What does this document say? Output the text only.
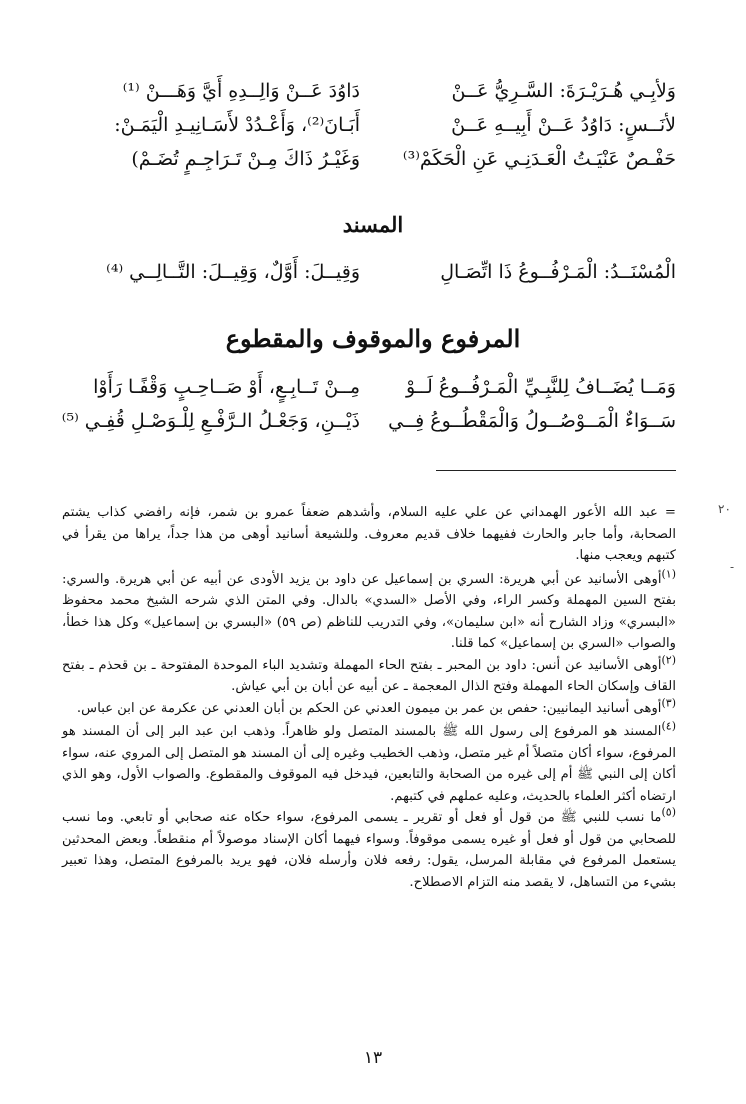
وَلأبِـي هُـرَيْـرَةَ: السَّـرِيُّ عَــنْ
دَاوُدَ عَــنْ وَالِــدِهِ أَيَّ وَهَـــنْ ⁽¹⁾
لأنَــسٍ: دَاوُدُ عَــنْ أَبِيــهِ عَــنْ
أَبَـانَ⁽²⁾، وَأَعْـدُدْ لأَسَـانِيـدِ الْيَمَـنْ:
حَفْـصٌ عَنْيَـتُ الْعَـدَنِـي عَنِ الْحَكَمْ⁽³⁾
وَغَيْـرُ ذَاكَ مِـنْ تَـرَاجِـمٍ تُضَـمْ)
المسند
الْمُسْنَــدُ: الْمَـرْفُــوعُ ذَا اتِّصَـالِ
وَقِيــلَ: أَوَّلٌ، وَقِيــلَ: التَّــالِــي ⁽⁴⁾
المرفوع والموقوف والمقطوع
وَمَــا يُضَــافُ لِلنَّبِـيِّ الْمَـرْفُــوعُ لَــوْ
مِــنْ تَــابِـعٍ، أَوْ صَــاحِـبٍ وَقْفًـا رَأَوْا
سَــوَاءٌ الْمَــوْصُــولُ وَالْمَقْطُــوعُ فِــي
ذَيْــنِ، وَجَعْـلُ الـرَّفْـعِ لِلْـوَصْـلِ قُفِـي ⁽⁵⁾

= عبد الله الأعور الهمداني عن علي عليه السلام، وأشدهم ضعفاً عمرو بن شمر، فإنه رافضي كذاب يشتم الصحابة، وأما جابر والحارث ففيهما خلاف قديم معروف. وللشيعة أسانيد أوهى من هذا جداً، يراها من يقرأ في كتبهم ويعجب منها.

$^{(١)}$أوهى الأسانيد عن أبي هريرة: السري بن إسماعيل عن داود بن يزيد الأودى عن أبيه عن أبي هريرة. والسري: بفتح السين المهملة وكسر الراء، وفي الأصل «السدي» بالدال. وفي المتن الذي شرحه الشيخ محمد محفوظ «البسري» وزاد الشارح أنه «ابن سليمان»، وفي التدريب للناظم (ص ٥٩) «البسري بن إسماعيل» وكل هذا خطأ، والصواب «السري بن إسماعيل» كما قلنا.

$^{(٢)}$أوهى الأسانيد عن أنس: داود بن المحبر ـ بفتح الحاء المهملة وتشديد الباء الموحدة المفتوحة ـ بن قحذم ـ بفتح القاف وإسكان الحاء المهملة وفتح الذال المعجمة ـ عن أبيه عن أبان بن أبي عياش.

$^{(٣)}$أوهى أسانيد اليمانيين: حفص بن عمر بن ميمون العدني عن الحكم بن أبان العدني عن عكرمة عن ابن عباس.

$^{(٤)}$المسند هو المرفوع إلى رسول الله ﷺ بالمسند المتصل ولو ظاهراً. وذهب ابن عبد البر إلى أن المسند هو المرفوع، سواء أكان متصلاً أم غير متصل، وذهب الخطيب وغيره إلى أن المسند هو المتصل إلى المروي عنه، سواء أكان إلى النبي ﷺ أم إلى غيره من الصحابة والتابعين، فيدخل فيه الموقوف والمقطوع. والصواب الأول، وهو الذي ارتضاه أكثر العلماء بالحديث، وعليه عملهم في كتبهم.

$^{(٥)}$ما نسب للنبي ﷺ من قول أو فعل أو تقرير ـ يسمى المرفوع، سواء حكاه عنه صحابي أو تابعي. وما نسب للصحابي من قول أو فعل أو غيره يسمى موقوفاً. وسواء فيهما أكان الإسناد موصولاً أم منقطعاً. وبعض المحدثين يستعمل المرفوع في مقابلة المرسل، يقول: رفعه فلان وأرسله فلان، فهو يريد بالمرفوع المتصل، وهذا تعبير بشيء من التساهل، لا يقصد منه التزام الاصطلاح.

١٣
٢٠
-
